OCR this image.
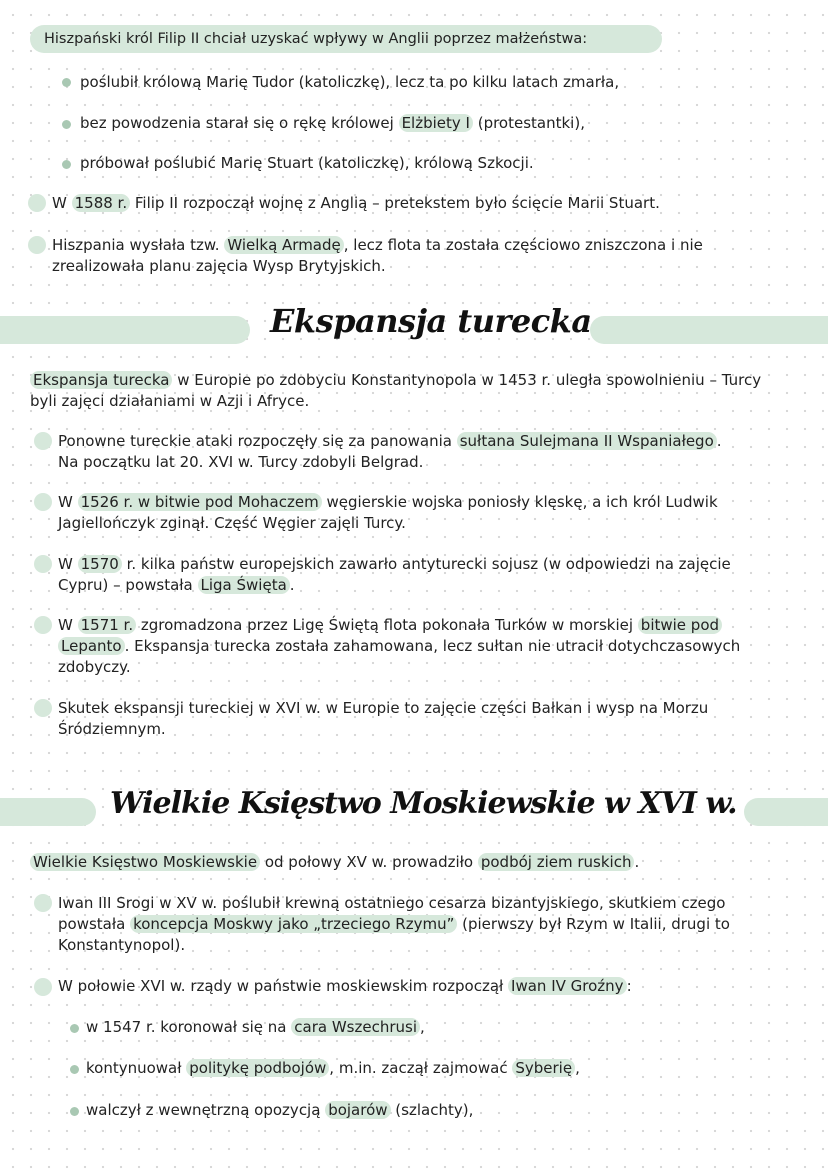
Hiszpański król Filip II chciał uzyskać wpływy w Anglii poprzez małżeństwa:
poślubił królową Marię Tudor (katoliczkę), lecz ta po kilku latach zmarła,
bez powodzenia starał się o rękę królowej Elżbiety I (protestantki),
próbował poślubić Marię Stuart (katoliczkę), królową Szkocji.
W 1588 r. Filip II rozpoczął wojnę z Anglią – pretekstem było ścięcie Marii Stuart.
Hiszpania wysłała tzw. Wielką Armadę , lecz flota ta została częściowo zniszczona i nie
zrealizowała planu zajęcia Wysp Brytyjskich.
Ekspansja turecka
Ekspansja turecka w Europie po zdobyciu Konstantynopola w 1453 r. uległa spowolnieniu – Turcy
byli zajęci działaniami w Azji i Afryce.
Ponowne tureckie ataki rozpoczęły się za panowania sułtana Sulejmana II Wspaniałego .
Na początku lat 20. XVI w. Turcy zdobyli Belgrad.
W 1526 r. w bitwie pod Mohaczem węgierskie wojska poniosły klęskę, a ich król Ludwik
Jagiellończyk zginął. Część Węgier zajęli Turcy.
W 1570 r. kilka państw europejskich zawarło antyturecki sojusz (w odpowiedzi na zajęcie
Cypru) – powstała Liga Święta .
W 1571 r. zgromadzona przez Ligę Świętą flota pokonała Turków w morskiej bitwie pod
Lepanto . Ekspansja turecka została zahamowana, lecz sułtan nie utracił dotychczasowych
zdobyczy.
Skutek ekspansji tureckiej w XVI w. w Europie to zajęcie części Bałkan i wysp na Morzu
Śródziemnym.
Wielkie Księstwo Moskiewskie w XVI w.
Wielkie Księstwo Moskiewskie od połowy XV w. prowadziło podbój ziem ruskich .
Iwan III Srogi w XV w. poślubił krewną ostatniego cesarza bizantyjskiego, skutkiem czego
powstała koncepcja Moskwy jako „trzeciego Rzymu” (pierwszy był Rzym w Italii, drugi to
Konstantynopol).
W połowie XVI w. rządy w państwie moskiewskim rozpoczął Iwan IV Groźny :
w 1547 r. koronował się na cara Wszechrusi ,
kontynuował politykę podbojów , m.in. zaczął zajmować Syberię ,
walczył z wewnętrzną opozycją bojarów (szlachty),
